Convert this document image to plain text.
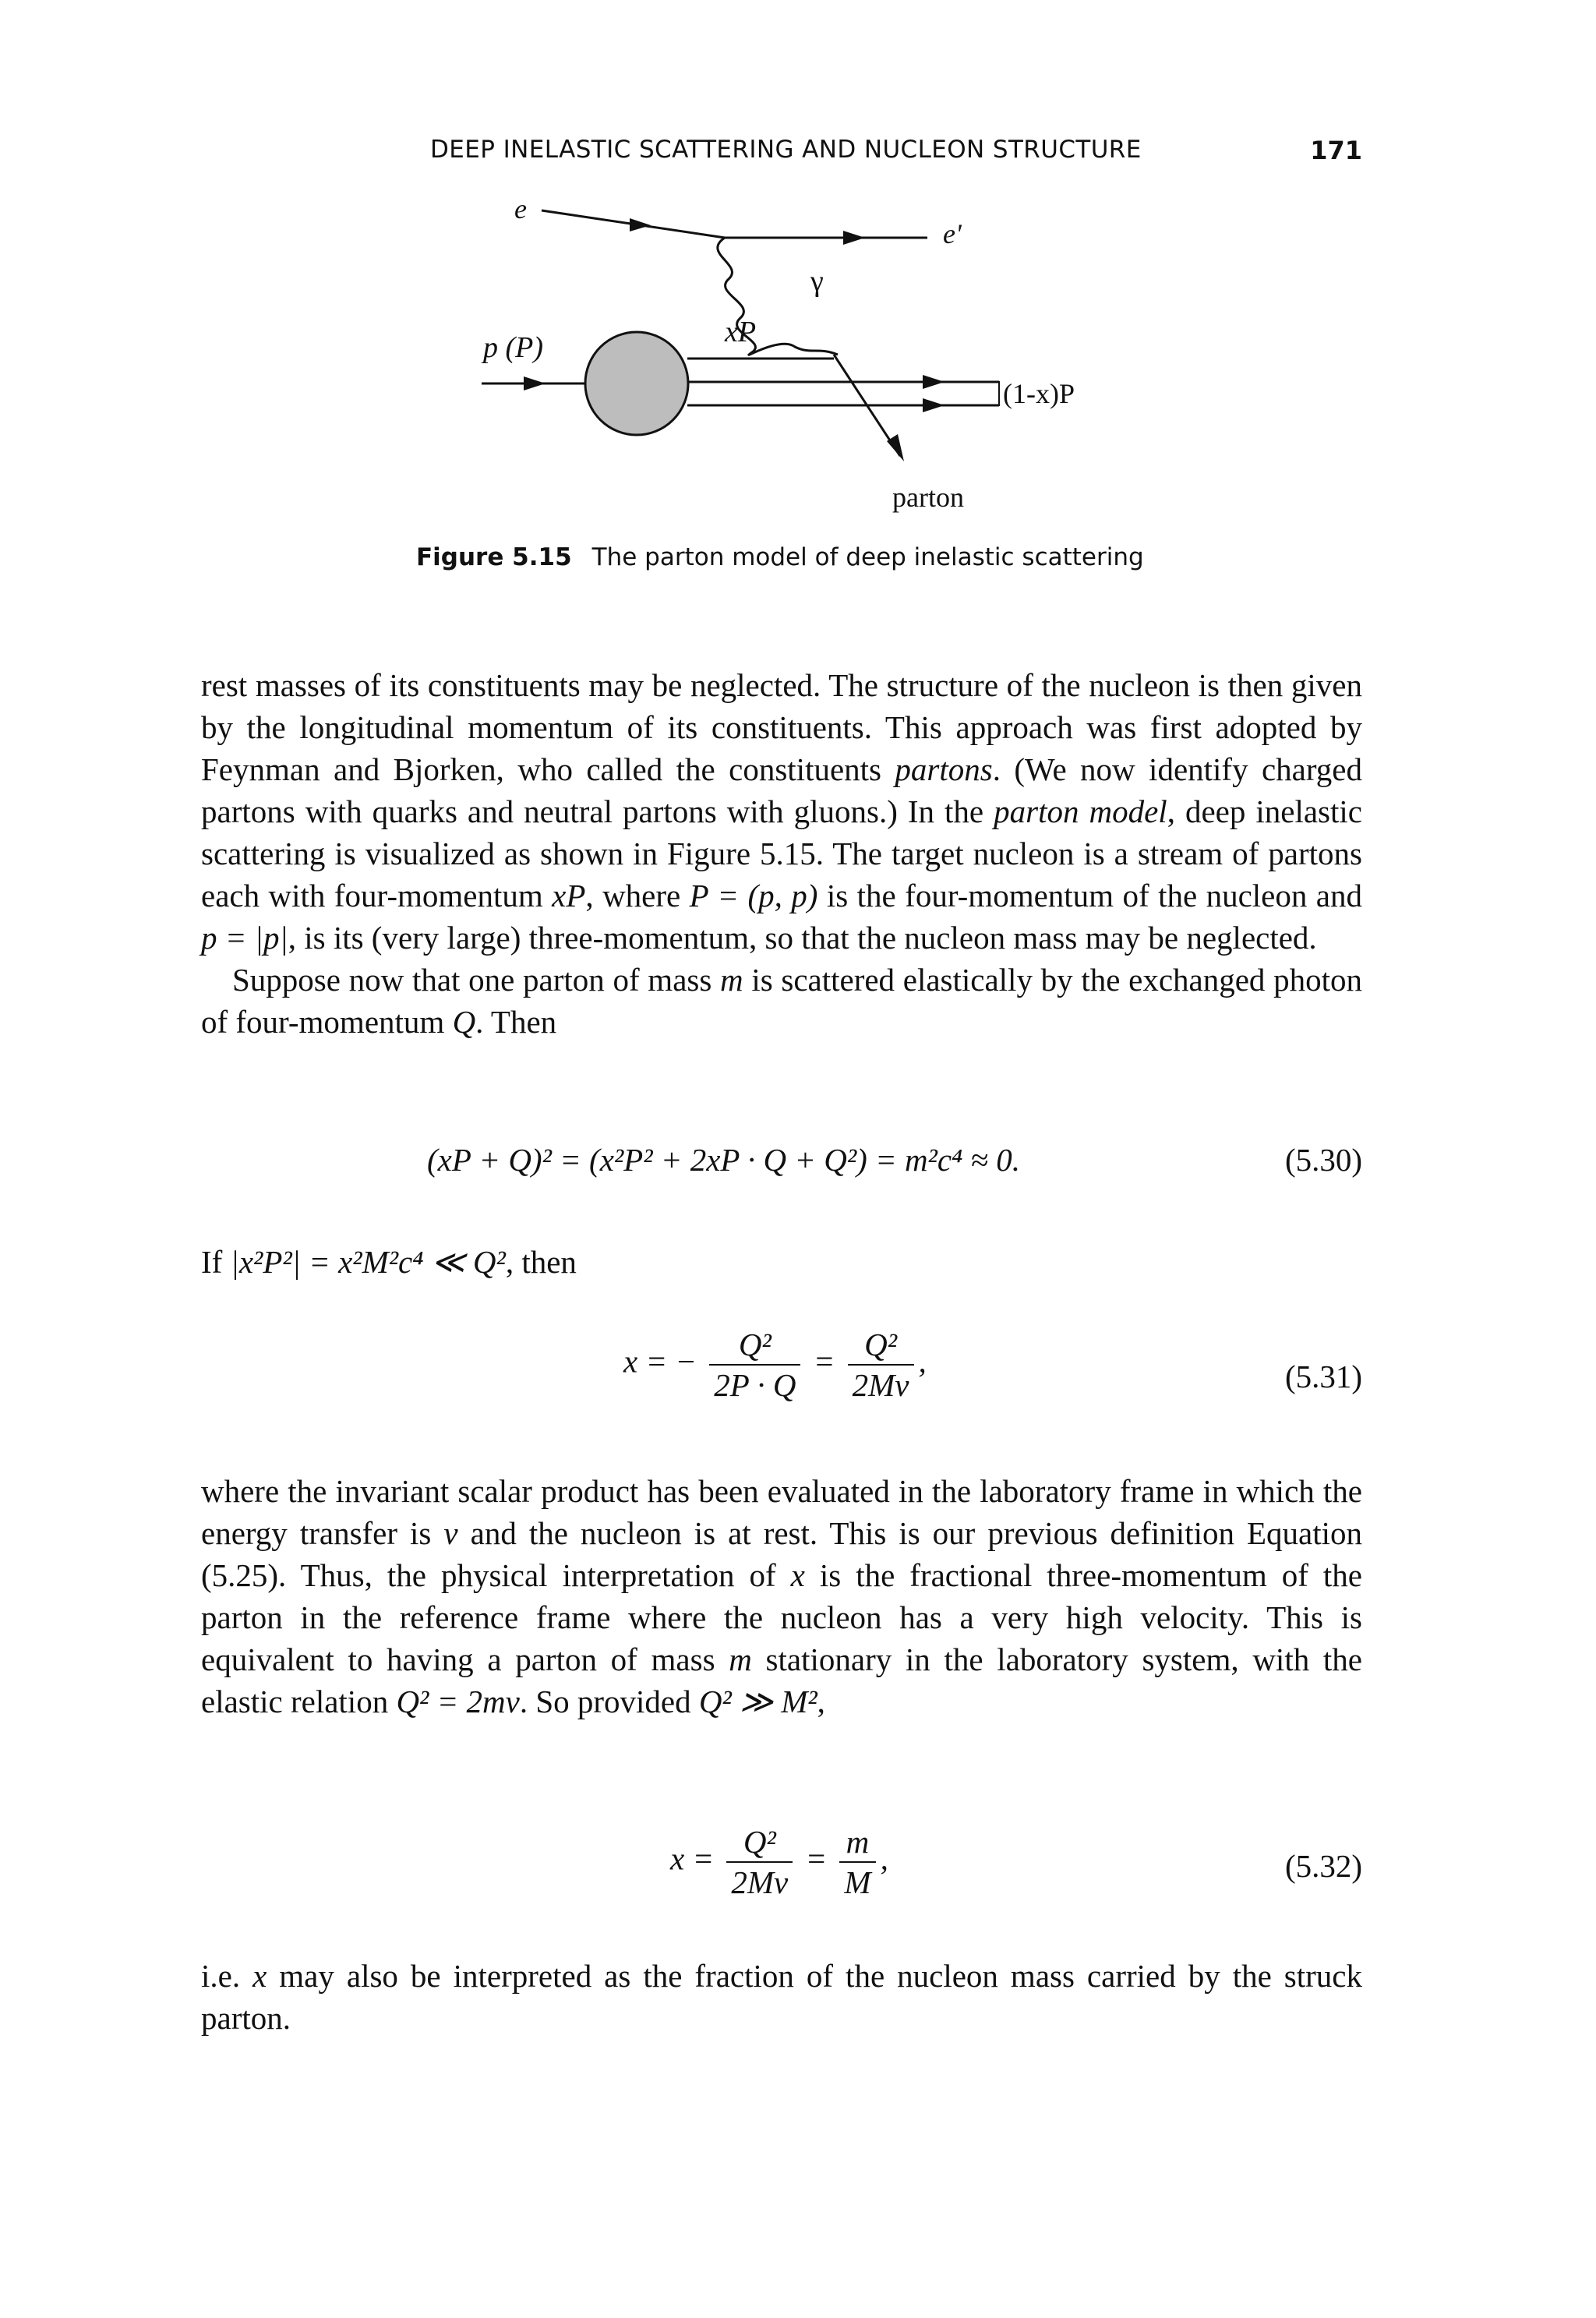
DEEP INELASTIC SCATTERING AND NUCLEON STRUCTURE	171
e
e'
γ
p (P)	xP
(1-x)P
parton
Figure 5.15 The parton model of deep inelastic scattering

rest masses of its constituents may be neglected. The structure of the nucleon is then given by the longitudinal momentum of its constituents. This approach was first adopted by Feynman and Bjorken, who called the constituents partons. (We now identify charged partons with quarks and neutral partons with gluons.) In the parton model, deep inelastic scattering is visualized as shown in Figure 5.15. The target nucleon is a stream of partons each with four-momentum xP, where P = (p, p) is the four-momentum of the nucleon and p = |p|, is its (very large) three-momentum, so that the nucleon mass may be neglected.

Suppose now that one parton of mass m is scattered elastically by the exchanged photon of four-momentum Q. Then

(xP + Q)² = (x²P² + 2xP · Q + Q²) = m²c⁴ ≈ 0.	(5.30)

If |x²P²| = x²M²c⁴ ≪ Q², then

x = − $\frac{\text{Q²}}{2P \cdot Q} = \frac{\text{Q²}}{2M\nu}$ ,	(5.31)

where the invariant scalar product has been evaluated in the laboratory frame in which the energy transfer is ν and the nucleon is at rest. This is our previous definition Equation (5.25). Thus, the physical interpretation of x is the fractional three-momentum of the parton in the reference frame where the nucleon has a very high velocity. This is equivalent to having a parton of mass m stationary in the laboratory system, with the elastic relation Q² = 2mν. So provided Q² ≫ M²,

$x = \frac{\text{Q²}}{2M\nu} = \frac{m}{M}$ ,	(5.32)

i.e. x may also be interpreted as the fraction of the nucleon mass carried by the struck parton.
